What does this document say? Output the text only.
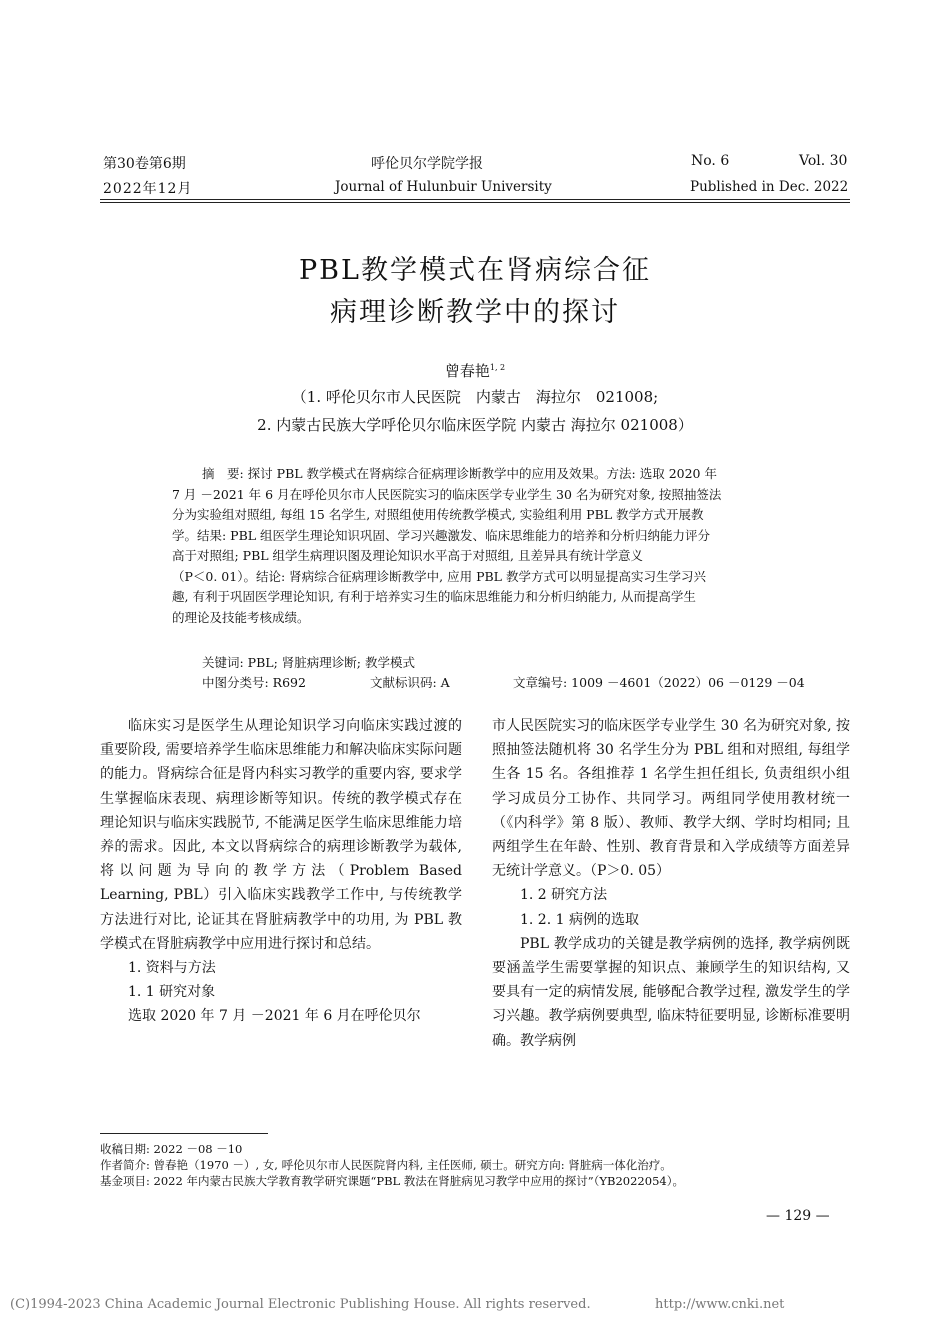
第30卷第6期	呼伦贝尔学院学报	No. 6	Vol. 30
2022年12月	Journal of Hulunbuir University	Published in Dec. 2022
PBL教学模式在肾病综合征
病理诊断教学中的探讨
曾春艳$^{1, 2}$
（1. 呼伦贝尔市人民医院　内蒙古　海拉尔　021008;
2. 内蒙古民族大学呼伦贝尔临床医学院 内蒙古 海拉尔 021008）

摘　要: 探讨 PBL 教学模式在肾病综合征病理诊断教学中的应用及效果。方法: 选取 2020 年

7 月 －2021 年 6 月在呼伦贝尔市人民医院实习的临床医学专业学生 30 名为研究对象, 按照抽签法

分为实验组对照组, 每组 15 名学生, 对照组使用传统教学模式, 实验组利用 PBL 教学方式开展教

学。结果: PBL 组医学生理论知识巩固、学习兴趣激发、临床思维能力的培养和分析归纳能力评分

高于对照组; PBL 组学生病理识图及理论知识水平高于对照组, 且差异具有统计学意义

（P＜0. 01）。结论: 肾病综合征病理诊断教学中, 应用 PBL 教学方式可以明显提高实习生学习兴

趣, 有利于巩固医学理论知识, 有利于培养实习生的临床思维能力和分析归纳能力, 从而提高学生

的理论及技能考核成绩。

关键词: PBL; 肾脏病理诊断; 教学模式
中图分类号: R692	文献标识码: A	文章编号: 1009 －4601（2022）06 －0129 －04

临床实习是医学生从理论知识学习向临床实践过渡的重要阶段, 需要培养学生临床思维能力和解决临床实际问题的能力。肾病综合征是肾内科实习教学的重要内容, 要求学生掌握临床表现、病理诊断等知识。传统的教学模式存在理论知识与临床实践脱节, 不能满足医学生临床思维能力培养的需求。因此, 本文以肾病综合的病理诊断教学为载体, 将以问题为导向的教学方法（Problem Based Learning, PBL）引入临床实践教学工作中, 与传统教学方法进行对比, 论证其在肾脏病教学中的功用, 为 PBL 教学模式在肾脏病教学中应用进行探讨和总结。

1. 资料与方法

1. 1 研究对象

选取 2020 年 7 月 －2021 年 6 月在呼伦贝尔

市人民医院实习的临床医学专业学生 30 名为研究对象, 按照抽签法随机将 30 名学生分为 PBL 组和对照组, 每组学生各 15 名。各组推荐 1 名学生担任组长, 负责组织小组学习成员分工协作、共同学习。两组同学使用教材统一（《内科学》第 8 版）、教师、教学大纲、学时均相同; 且两组学生在年龄、性别、教育背景和入学成绩等方面差异无统计学意义。（P＞0. 05）

1. 2 研究方法

1. 2. 1 病例的选取

PBL 教学成功的关键是教学病例的选择, 教学病例既要涵盖学生需要掌握的知识点、兼顾学生的知识结构, 又要具有一定的病情发展, 能够配合教学过程, 激发学生的学习兴趣。教学病例要典型, 临床特征要明显, 诊断标准要明确。教学病例

收稿日期: 2022 －08 －10
作者简介: 曾春艳（1970 －）, 女, 呼伦贝尔市人民医院肾内科, 主任医师, 硕士。研究方向: 肾脏病一体化治疗。
基金项目: 2022 年内蒙古民族大学教育教学研究课题“PBL 教法在肾脏病见习教学中应用的探讨”（YB2022054）。
— 129 —
(C)1994-2023 China Academic Journal Electronic Publishing House. All rights reserved.	http://www.cnki.net
